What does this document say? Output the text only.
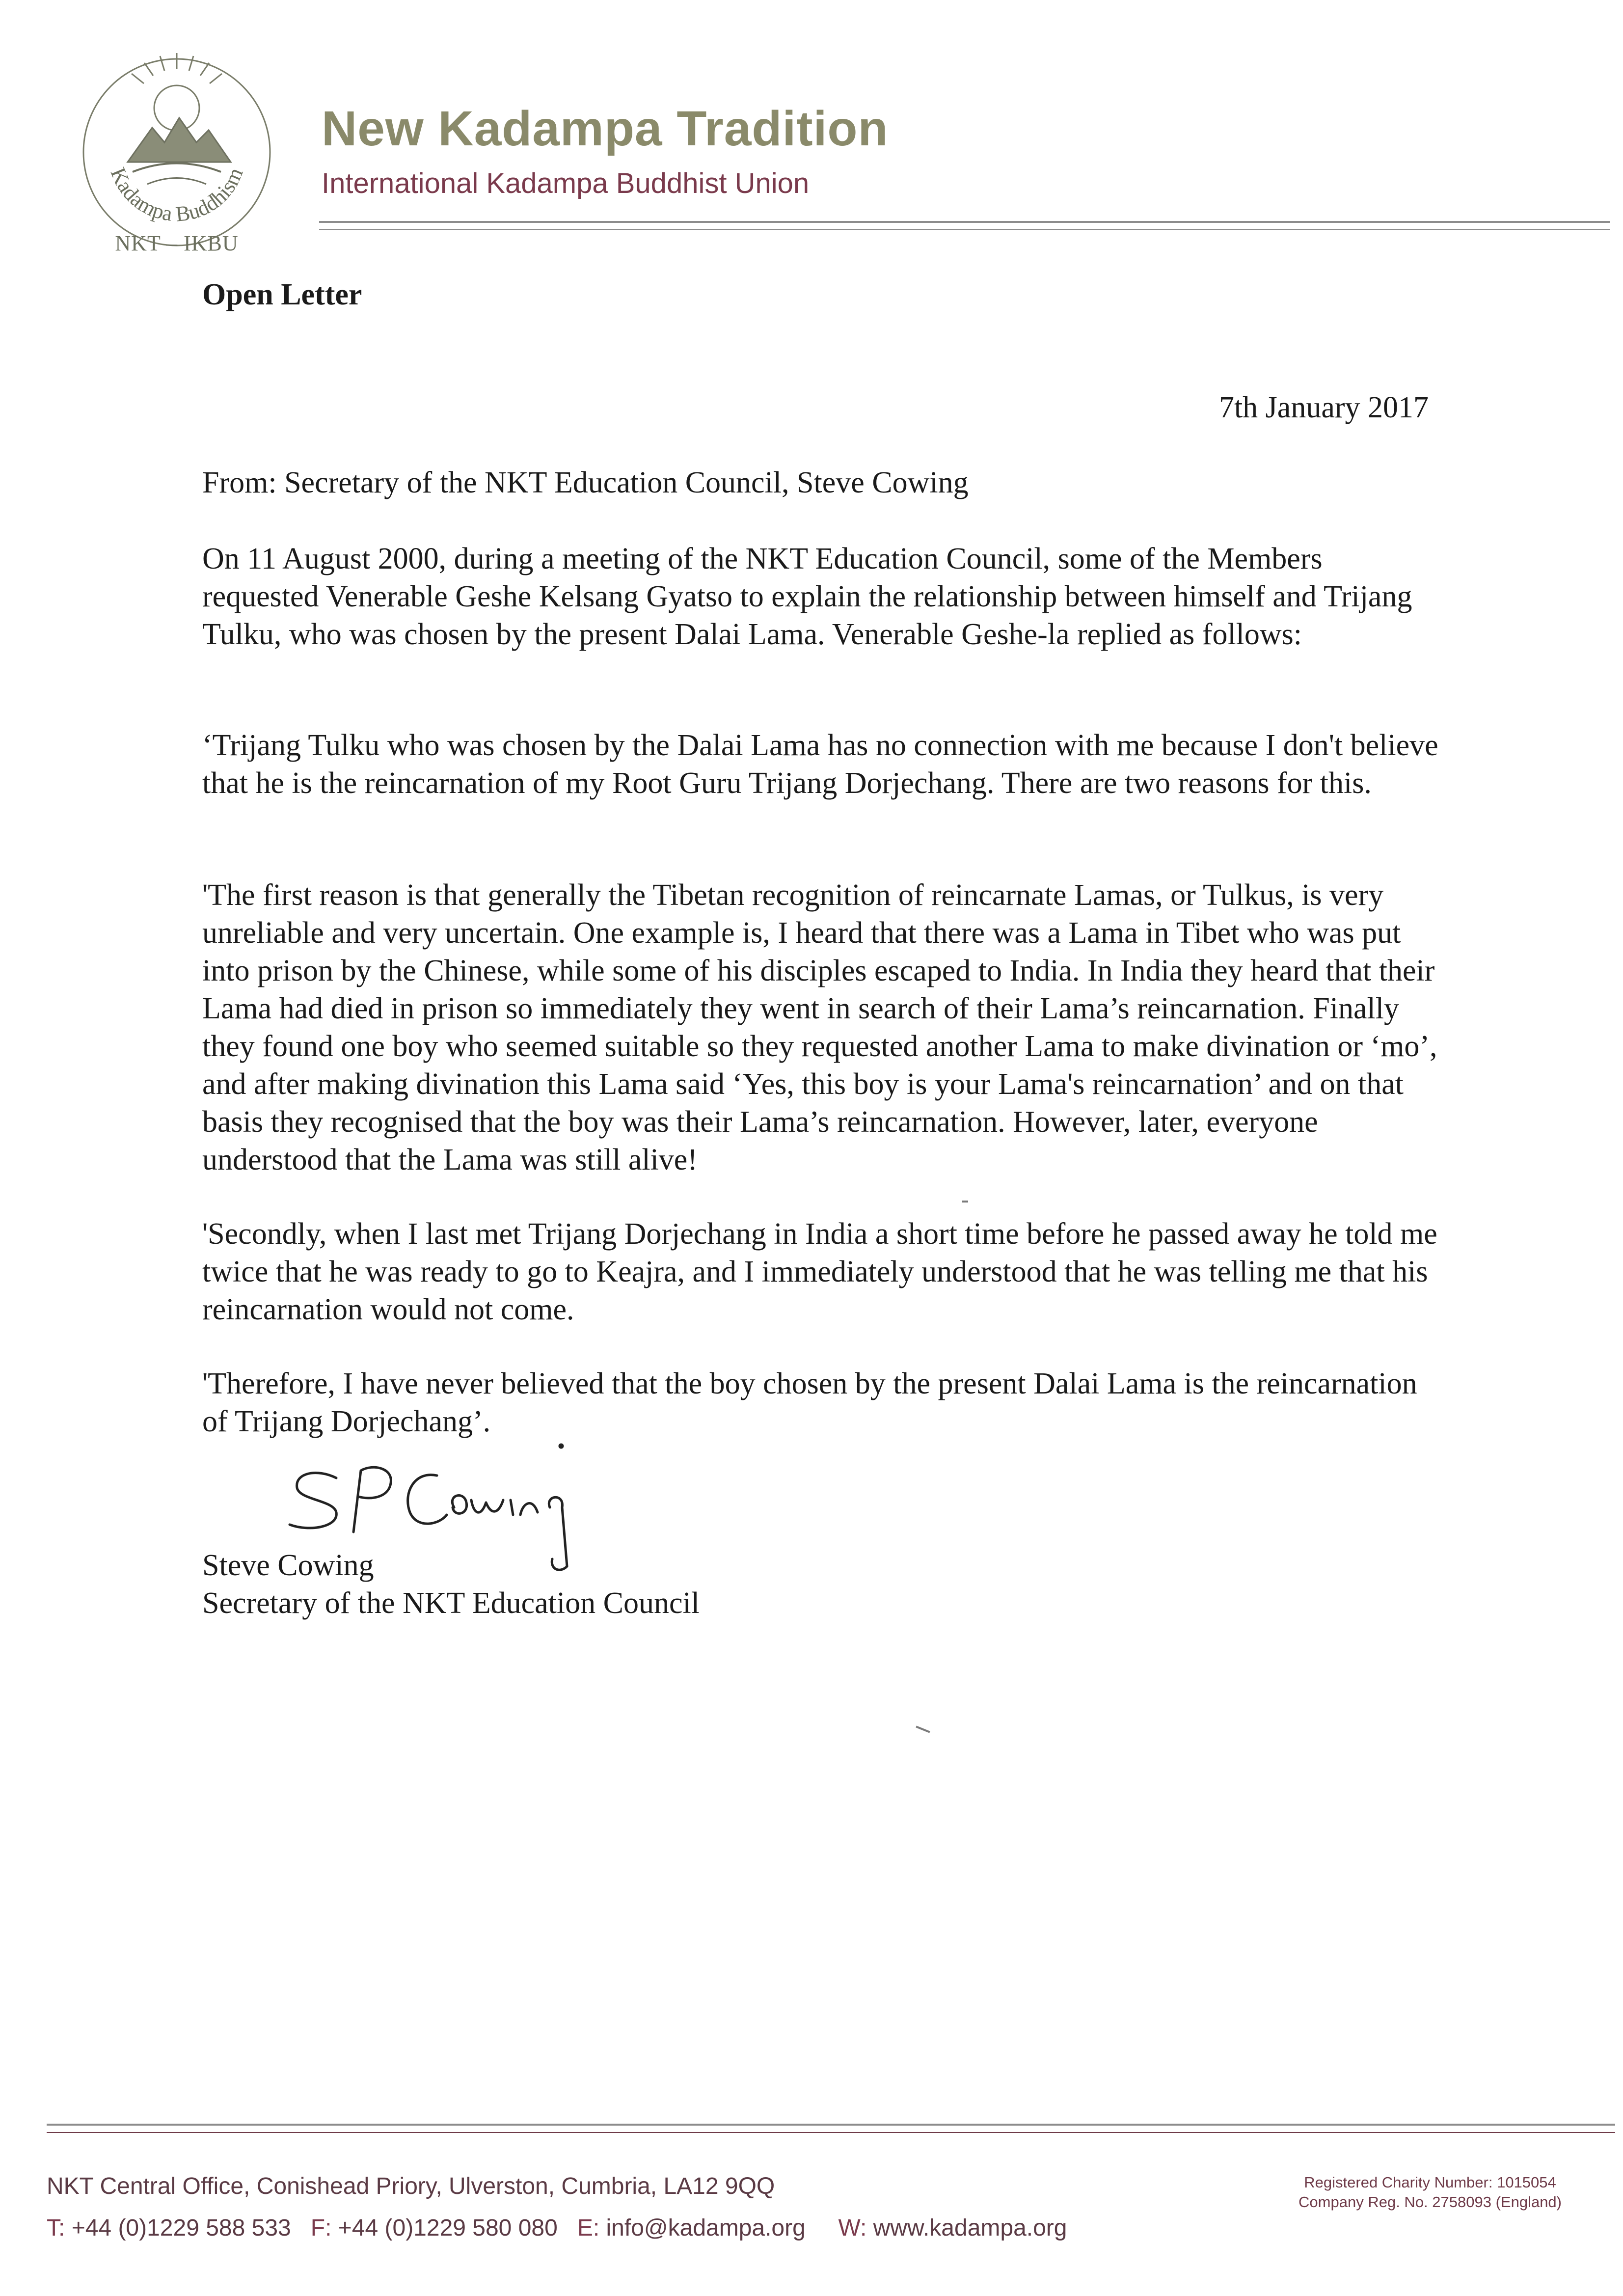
Kadampa Buddhism
NKT – IKBU
New Kadampa Tradition
International Kadampa Buddhist Union
Open Letter
7th January 2017

From: Secretary of the NKT Education Council, Steve Cowing

On 11 August 2000, during a meeting of the NKT Education Council, some of the Members requested Venerable Geshe Kelsang Gyatso to explain the relationship between himself and Trijang Tulku, who was chosen by the present Dalai Lama. Venerable Geshe-la replied as follows:

‘Trijang Tulku who was chosen by the Dalai Lama has no connection with me because I don't believe that he is the reincarnation of my Root Guru Trijang Dorjechang. There are two reasons for this.

'The first reason is that generally the Tibetan recognition of reincarnate Lamas, or Tulkus, is very unreliable and very uncertain. One example is, I heard that there was a Lama in Tibet who was put into prison by the Chinese, while some of his disciples escaped to India. In India they heard that their Lama had died in prison so immediately they went in search of their Lama’s reincarnation. Finally they found one boy who seemed suitable so they requested another Lama to make divination or ‘mo’, and after making divination this Lama said ‘Yes, this boy is your Lama's reincarnation’ and on that basis they recognised that the boy was their Lama’s reincarnation. However, later, everyone understood that the Lama was still alive!

'Secondly, when I last met Trijang Dorjechang in India a short time before he passed away he told me twice that he was ready to go to Keajra, and I immediately understood that he was telling me that his reincarnation would not come.

'Therefore, I have never believed that the boy chosen by the present Dalai Lama is the reincarnation of Trijang Dorjechang’.

Steve Cowing
Secretary of the NKT Education Council
NKT Central Office, Conishead Priory, Ulverston, Cumbria, LA12 9QQ
T: +44 (0)1229 588 533 F: +44 (0)1229 580 080 E: info@kadampa.org W: www.kadampa.org
Registered Charity Number: 1015054
Company Reg. No. 2758093 (England)
